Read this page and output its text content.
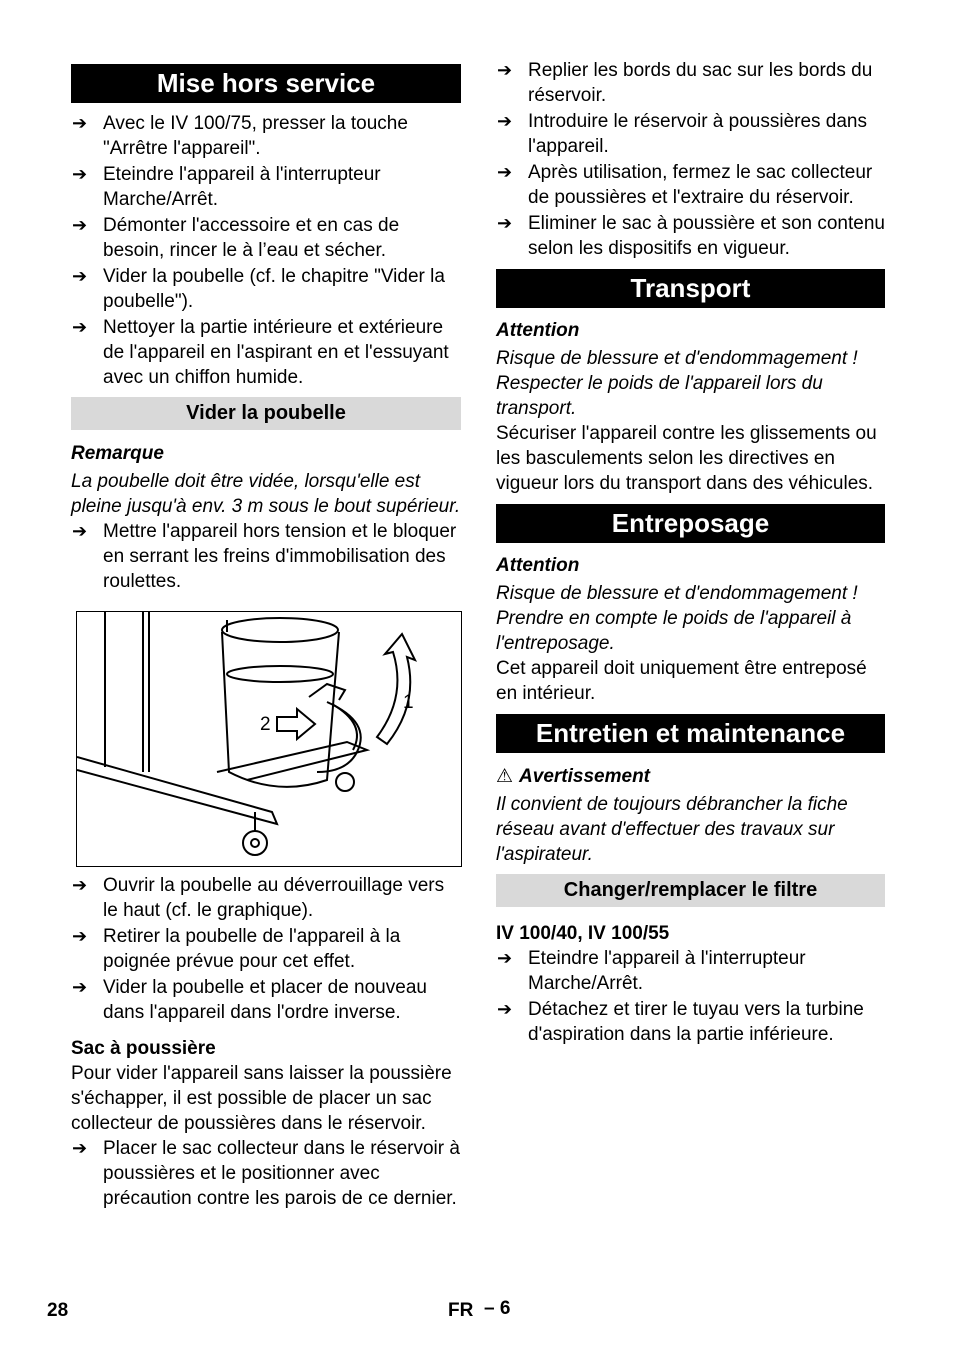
Mise hors service
➔ Avec le IV 100/75, presser la touche "Arrêtre l'appareil".
➔ Eteindre l'appareil à l'interrupteur Marche/Arrêt.
➔ Démonter l'accessoire et en cas de besoin, rincer le à l’eau et sécher.
➔ Vider la poubelle (cf. le chapitre "Vider la poubelle").
➔ Nettoyer la partie intérieure et extérieure de l'appareil en l'aspirant en et l'essuyant avec un chiffon humide.
Vider la poubelle

Remarque

La poubelle doit être vidée, lorsqu'elle est pleine jusqu'à env. 3 m sous le bout supérieur.

➔ Mettre l'appareil hors tension et le bloquer en serrant les freins d'immobilisation des roulettes.
1
2
➔ Ouvrir la poubelle au déverrouillage vers le haut (cf. le graphique).
➔ Retirer la poubelle de l'appareil à la poignée prévue pour cet effet.
➔ Vider la poubelle et placer de nouveau dans l'appareil dans l'ordre inverse.

Sac à poussière

Pour vider l'appareil sans laisser la poussière s'échapper, il est possible de placer un sac collecteur de poussières dans le réservoir.

➔ Placer le sac collecteur dans le réservoir à poussières et le positionner avec précaution contre les parois de ce dernier.
➔ Replier les bords du sac sur les bords du réservoir.
➔ Introduire le réservoir à poussières dans l'appareil.
➔ Après utilisation, fermez le sac collecteur de poussières et l'extraire du réservoir.
➔ Eliminer le sac à poussière et son contenu selon les dispositifs en vigueur.
Transport

Attention

Risque de blessure et d'endommagement ! Respecter le poids de l'appareil lors du transport.

Sécuriser l'appareil contre les glissements ou les basculements selon les directives en vigueur lors du transport dans des véhicules.

Entreposage

Attention

Risque de blessure et d'endommagement ! Prendre en compte le poids de l'appareil à l'entreposage.

Cet appareil doit uniquement être entreposé en intérieur.

Entretien et maintenance

⚠ Avertissement

Il convient de toujours débrancher la fiche réseau avant d'effectuer des travaux sur l'aspirateur.

Changer/remplacer le filtre

IV 100/40, IV 100/55

➔ Eteindre l'appareil à l'interrupteur Marche/Arrêt.
➔ Détachez et tirer le tuyau vers la turbine d'aspiration dans la partie inférieure.
28	FR – 6
